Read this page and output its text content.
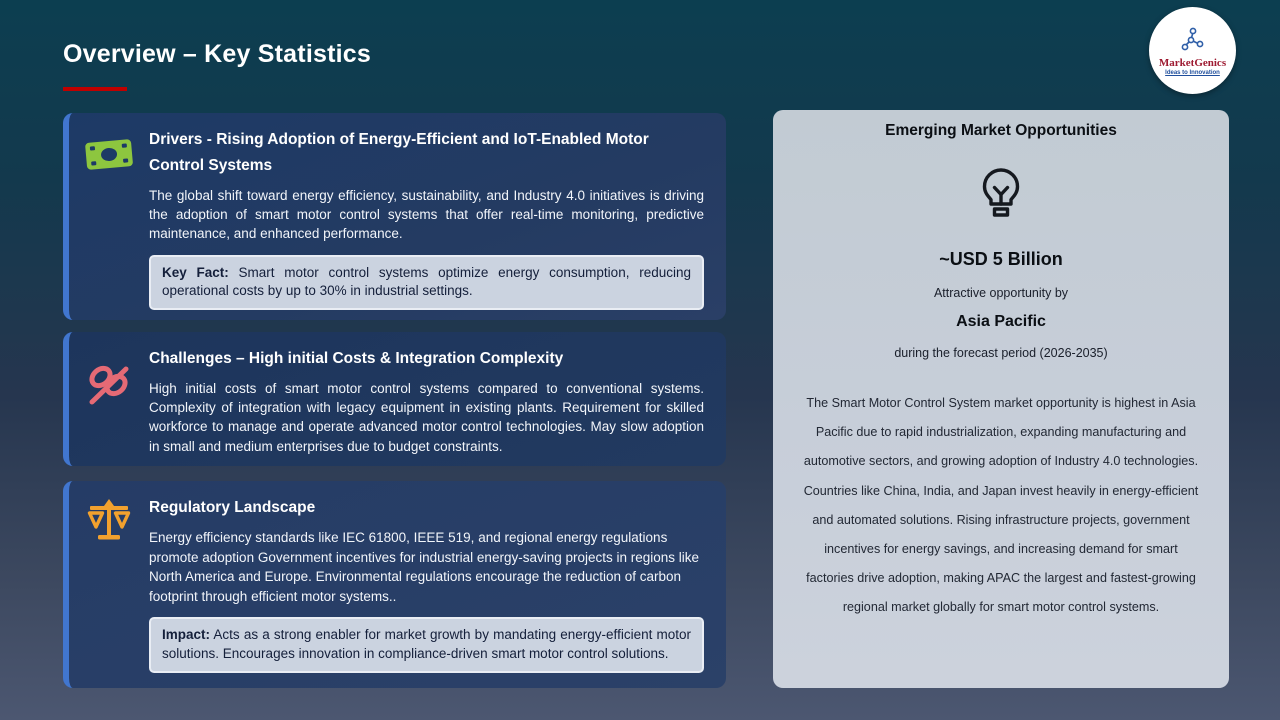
Overview – Key Statistics	MarketGenics
Ideas to Innovation
Drivers - Rising Adoption of Energy-Efficient and IoT-Enabled Motor Control Systems
The global shift toward energy efficiency, sustainability, and Industry 4.0 initiatives is driving the adoption of smart motor control systems that offer real-time monitoring, predictive maintenance, and enhanced performance.
Key Fact: Smart motor control systems optimize energy consumption, reducing operational costs by up to 30% in industrial settings.
Challenges – High initial Costs & Integration Complexity
High initial costs of smart motor control systems compared to conventional systems. Complexity of integration with legacy equipment in existing plants. Requirement for skilled workforce to manage and operate advanced motor control technologies. May slow adoption in small and medium enterprises due to budget constraints.
Regulatory Landscape
Energy efficiency standards like IEC 61800, IEEE 519, and regional energy regulations promote adoption Government incentives for industrial energy-saving projects in regions like North America and Europe. Environmental regulations encourage the reduction of carbon footprint through efficient motor systems..
Impact: Acts as a strong enabler for market growth by mandating energy-efficient motor solutions. Encourages innovation in compliance-driven smart motor control solutions.
Emerging Market Opportunities
~USD 5 Billion
Attractive opportunity by
Asia Pacific
during the forecast period (2026-2035)
The Smart Motor Control System market opportunity is highest in Asia Pacific due to rapid industrialization, expanding manufacturing and automotive sectors, and growing adoption of Industry 4.0 technologies. Countries like China, India, and Japan invest heavily in energy-efficient and automated solutions. Rising infrastructure projects, government incentives for energy savings, and increasing demand for smart factories drive adoption, making APAC the largest and fastest-growing regional market globally for smart motor control systems.
